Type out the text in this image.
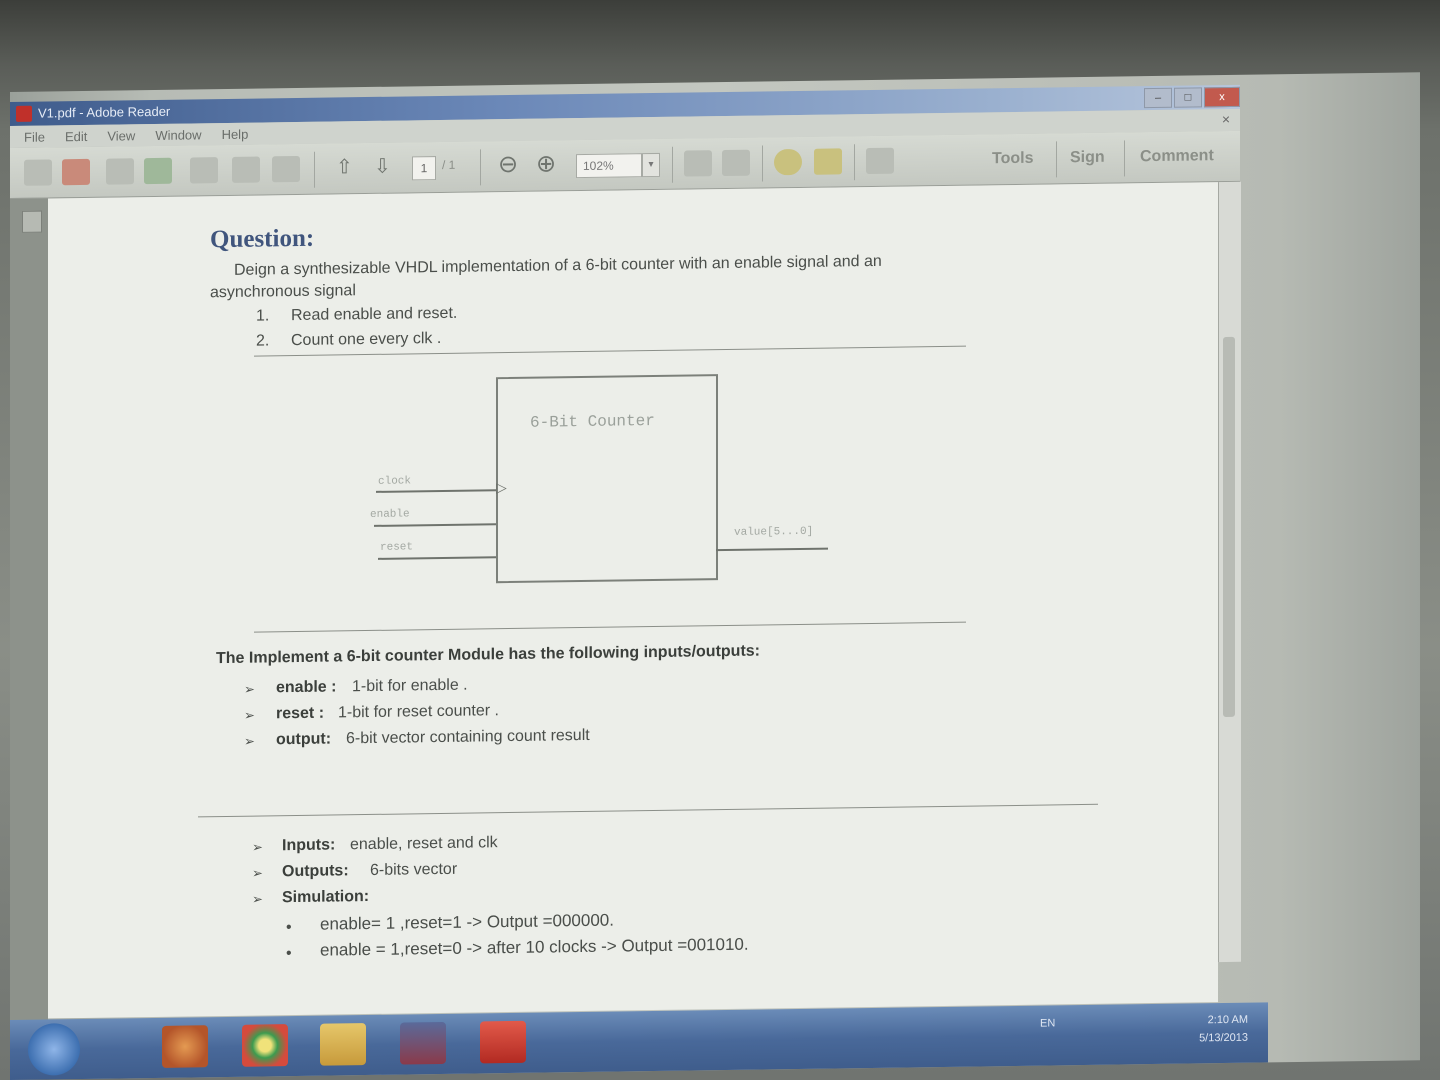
V1.pdf - Adobe Reader
–	□	x
File Edit View Window Help
×
⇧ ⇩	1	/ 1 ⊖ ⊕	102%	▾	Tools Sign Comment
Question:
Deign a synthesizable VHDL implementation of a 6-bit counter with an enable signal and an
asynchronous signal
1. Read enable and reset.
2. Count one every clk .
6-Bit Counter
clock	▷
enable
reset
value[5...0]
The Implement a 6-bit counter Module has the following inputs/outputs:
➢ enable : 1-bit for enable .
➢ reset : 1-bit for reset counter .
➢ output: 6-bit vector containing count result
➢ Inputs: enable, reset and clk
➢ Outputs: 6-bits vector
➢ Simulation:
• enable= 1 ,reset=1 -> Output =000000.
• enable = 1,reset=0 -> after 10 clocks -> Output =001010.
EN	2:10 AM
5/13/2013
